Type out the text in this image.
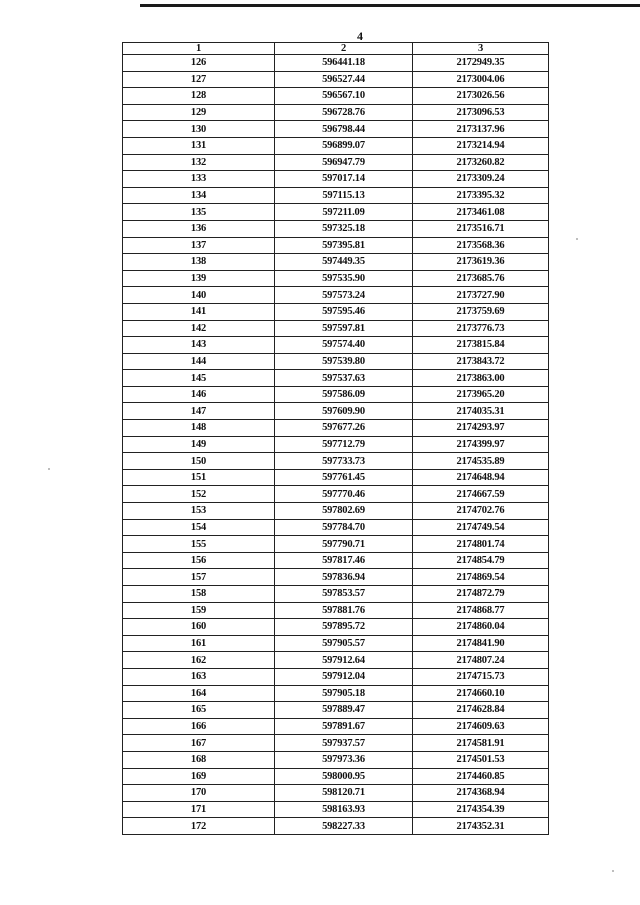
4
1	2	3
126	596441.18	2172949.35
127	596527.44	2173004.06
128	596567.10	2173026.56
129	596728.76	2173096.53
130	596798.44	2173137.96
131	596899.07	2173214.94
132	596947.79	2173260.82
133	597017.14	2173309.24
134	597115.13	2173395.32
135	597211.09	2173461.08
136	597325.18	2173516.71
137	597395.81	2173568.36
138	597449.35	2173619.36
139	597535.90	2173685.76
140	597573.24	2173727.90
141	597595.46	2173759.69
142	597597.81	2173776.73
143	597574.40	2173815.84
144	597539.80	2173843.72
145	597537.63	2173863.00
146	597586.09	2173965.20
147	597609.90	2174035.31
148	597677.26	2174293.97
149	597712.79	2174399.97
150	597733.73	2174535.89
151	597761.45	2174648.94
152	597770.46	2174667.59
153	597802.69	2174702.76
154	597784.70	2174749.54
155	597790.71	2174801.74
156	597817.46	2174854.79
157	597836.94	2174869.54
158	597853.57	2174872.79
159	597881.76	2174868.77
160	597895.72	2174860.04
161	597905.57	2174841.90
162	597912.64	2174807.24
163	597912.04	2174715.73
164	597905.18	2174660.10
165	597889.47	2174628.84
166	597891.67	2174609.63
167	597937.57	2174581.91
168	597973.36	2174501.53
169	598000.95	2174460.85
170	598120.71	2174368.94
171	598163.93	2174354.39
172	598227.33	2174352.31
